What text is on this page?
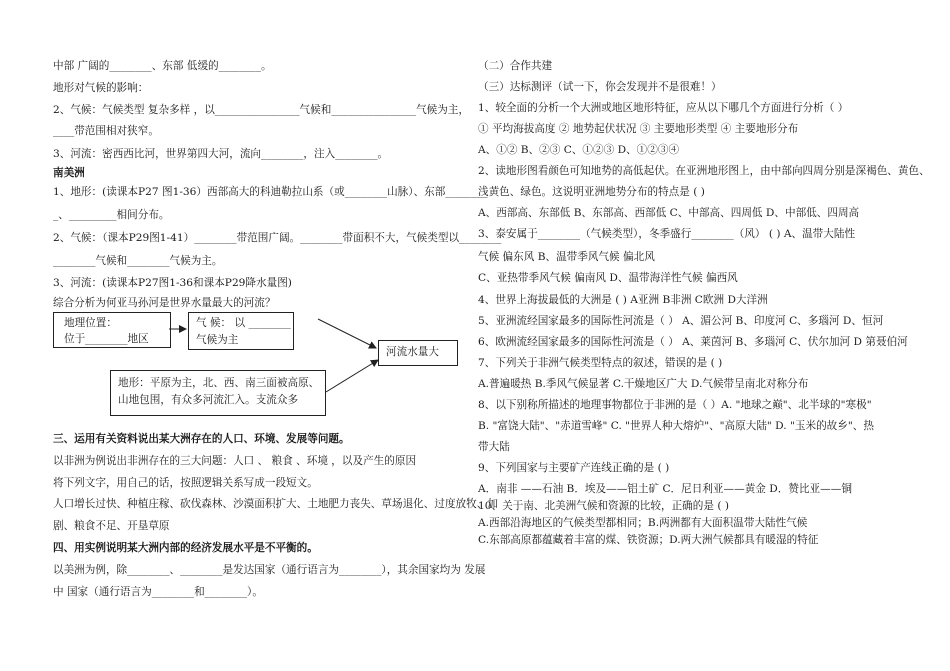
中部 广阔的________、东部 低缓的________。
地形对气候的影响：
2、气候：气候类型 复杂多样 ，以________________气候和________________气候为主，
____带范围相对狭窄。
3、河流：密西西比河，世界第四大河，流向________，注入________。
南美洲
1、地形：(读课本P27 图1-36）西部高大的科迪勒拉山系（或________山脉）、东部________
_、_________相间分布。
2、气候：（课本P29图1-41）________带范围广阔。________带面积不大，气候类型以________
________气候和________气候为主。
3、河流：(读课本P27图1-36和课本P29降水量图)
综合分析为何亚马孙河是世界水量最大的河流？
地理位置：
位于________地区
气 候： 以 ________
气候为主
河流水量大
地形：平原为主，北、西、南三面被高原、
山地包围，有众多河流汇入。支流众多
三、运用有关资料说出某大洲存在的人口、环境、发展等问题。
以非洲为例说出非洲存在的三大问题：人口 、 粮食 、环境 ，以及产生的原因
将下列文字，用自己的话，按照逻辑关系写成一段短文。
人口增长过快、种植庄稼、砍伐森林、沙漠面积扩大、土地肥力丧失、草场退化、过度放牧、加
剧、粮食不足、开垦草原
四、用实例说明某大洲内部的经济发展水平是不平衡的。
以美洲为例，除________、________是发达国家（通行语言为________），其余国家均为 发展
中 国家（通行语言为________和________）。
（二）合作共建
（三）达标测评（试一下，你会发现并不是很难！）
1、较全面的分析一个大洲或地区地形特征，应从以下哪几个方面进行分析（ ）
① 平均海拔高度 ② 地势起伏状况 ③ 主要地形类型 ④ 主要地形分布
A、①② B、②③ C、①②③ D、①②③④
2、读地形图看颜色可知地势的高低起伏。在亚洲地形图上，由中部向四周分别是深褐色、黄色、
浅黄色、绿色。这说明亚洲地势分布的特点是 ( )
A、西部高、东部低 B、东部高、西部低 C、中部高、四周低 D、中部低、四周高
3、泰安属于________（气候类型），冬季盛行________（风） ( ) A、温带大陆性
气候 偏东风 B、温带季风气候 偏北风
C、亚热带季风气候 偏南风 D、温带海洋性气候 偏西风
4、世界上海拔最低的大洲是 ( ) A亚洲 B非洲 C欧洲 D大洋洲
5、亚洲流经国家最多的国际性河流是（ ） A、湄公河 B、印度河 C、多瑙河 D、恒河
6、欧洲流经国家最多的国际性河流是（ ） A、莱茵河 B、多瑙河 C、伏尔加河 D 第聂伯河
7、下列关于非洲气候类型特点的叙述，错误的是 ( )
A.普遍暖热 B.季风气候显著 C.干燥地区广大 D.气候带呈南北对称分布
8、以下别称所描述的地理事物都位于非洲的是（ ）A. "地球之巅"、北半球的"寒极"
B. "富饶大陆"、"赤道雪峰" C. "世界人种大熔炉"、"高原大陆" D. "玉米的故乡"、热
带大陆
9、下列国家与主要矿产连线正确的是 ( )
A．南非 ——石油 B．埃及——铝土矿 C．尼日利亚——黄金 D．赞比亚——铜
10、关于南、北美洲气候和资源的比较，正确的是 ( )
A.西部沿海地区的气候类型都相同；B.两洲都有大面积温带大陆性气候
C.东部高原都蕴藏着丰富的煤、铁资源；D.两大洲气候都具有暖湿的特征
